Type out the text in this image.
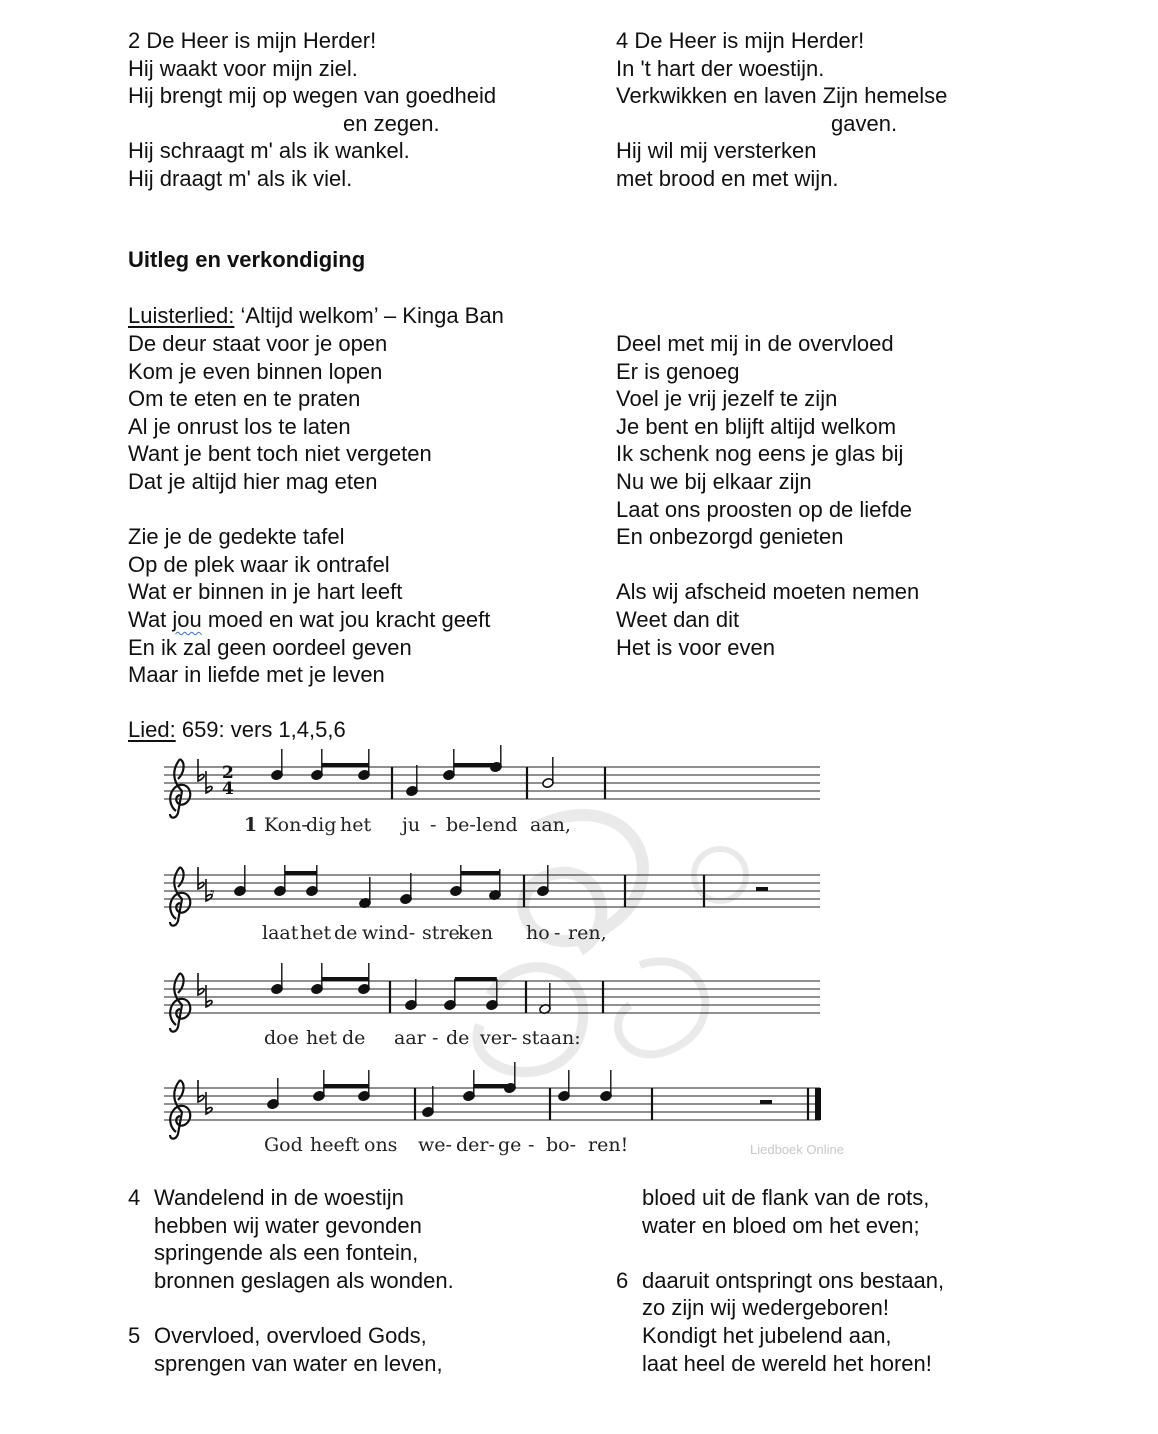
2 De Heer is mijn Herder!
Hij waakt voor mijn ziel.
Hij brengt mij op wegen van goedheid
en zegen.
Hij schraagt m' als ik wankel.
Hij draagt m' als ik viel.
4 De Heer is mijn Herder!
In 't hart der woestijn.
Verkwikken en laven Zijn hemelse
gaven.
Hij wil mij versterken
met brood en met wijn.
Uitleg en verkondiging
Luisterlied: ‘Altijd welkom’ – Kinga Ban
De deur staat voor je open
Kom je even binnen lopen
Om te eten en te praten
Al je onrust los te laten
Want je bent toch niet vergeten
Dat je altijd hier mag eten
Zie je de gedekte tafel
Op de plek waar ik ontrafel
Wat er binnen in je hart leeft
Wat jou moed en wat jou kracht geeft
En ik zal geen oordeel geven
Maar in liefde met je leven
Deel met mij in de overvloed
Er is genoeg
Voel je vrij jezelf te zijn
Je bent en blijft altijd welkom
Ik schenk nog eens je glas bij
Nu we bij elkaar zijn
Laat ons proosten op de liefde
En onbezorgd genieten
Als wij afscheid moeten nemen
Weet dan dit
Het is voor even
Lied: 659: vers 1,4,5,6
𝄾
1 Kon-
dig het ju - be- lend aan,
laat het de wind- stre-
ken ho - ren,
doe het de aar - de ver- staan:
God heeft ons we- der- ge - bo- ren!	Liedboek Online
2
4
4 Wandelend in de woestijn
hebben wij water gevonden
springende als een fontein,
bronnen geslagen als wonden.
5 Overvloed, overvloed Gods,
sprengen van water en leven,
bloed uit de flank van de rots,
water en bloed om het even;
6 daaruit ontspringt ons bestaan,
zo zijn wij wedergeboren!
Kondigt het jubelend aan,
laat heel de wereld het horen!
